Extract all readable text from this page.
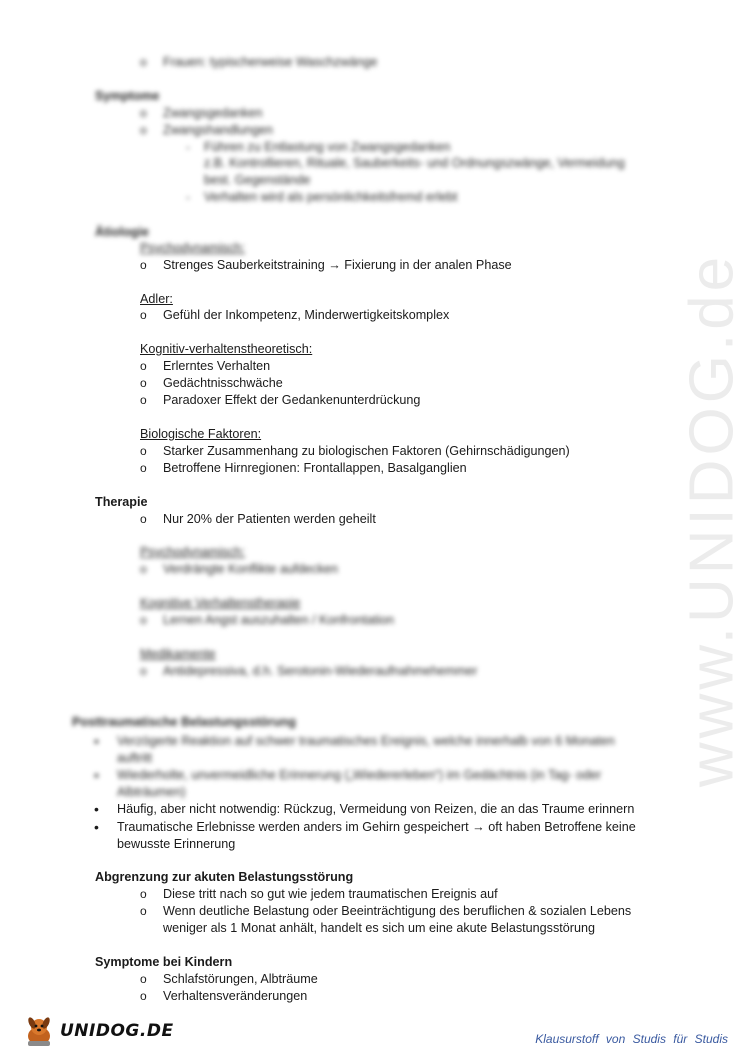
www.UNIDOG.de
o Frauen: typischerweise Waschzwänge
Symptome
o Zwangsgedanken
o Zwangshandlungen
- Führen zu Entlastung von Zwangsgedanken
z.B. Kontrollieren, Rituale, Sauberkeits- und Ordnungszwänge, Vermeidung
best. Gegenstände
- Verhalten wird als persönlichkeitsfremd erlebt
Ätiologie
Psychodynamisch:
o Strenges Sauberkeitstraining → Fixierung in der analen Phase
Adler:
o Gefühl der Inkompetenz, Minderwertigkeitskomplex
Kognitiv-verhaltenstheoretisch:
o Erlerntes Verhalten
o Gedächtnisschwäche
o Paradoxer Effekt der Gedankenunterdrückung
Biologische Faktoren:
o Starker Zusammenhang zu biologischen Faktoren (Gehirnschädigungen)
o Betroffene Hirnregionen: Frontallappen, Basalganglien
Therapie
o Nur 20% der Patienten werden geheilt
Psychodynamisch:
o Verdrängte Konflikte aufdecken
Kognitive Verhaltenstherapie
o Lernen Angst auszuhalten / Konfrontation
Medikamente
o Antidepressiva, d.h. Serotonin-Wiederaufnahmehemmer
Posttraumatische Belastungsstörung
• Verzögerte Reaktion auf schwer traumatisches Ereignis, welche innerhalb von 6 Monaten
auftritt
• Wiederholte, unvermeidliche Erinnerung („Wiedererleben“) im Gedächtnis (in Tag- oder
Albträumen)
• Häufig, aber nicht notwendig: Rückzug, Vermeidung von Reizen, die an das Traume erinnern
• Traumatische Erlebnisse werden anders im Gehirn gespeichert → oft haben Betroffene keine
bewusste Erinnerung
Abgrenzung zur akuten Belastungsstörung
o Diese tritt nach so gut wie jedem traumatischen Ereignis auf
o Wenn deutliche Belastung oder Beeinträchtigung des beruflichen & sozialen Lebens
weniger als 1 Monat anhält, handelt es sich um eine akute Belastungsstörung
Symptome bei Kindern
o Schlafstörungen, Albträume
o Verhaltensveränderungen
UNIDOG.DE	Klausurstoff von Studis für Studis
